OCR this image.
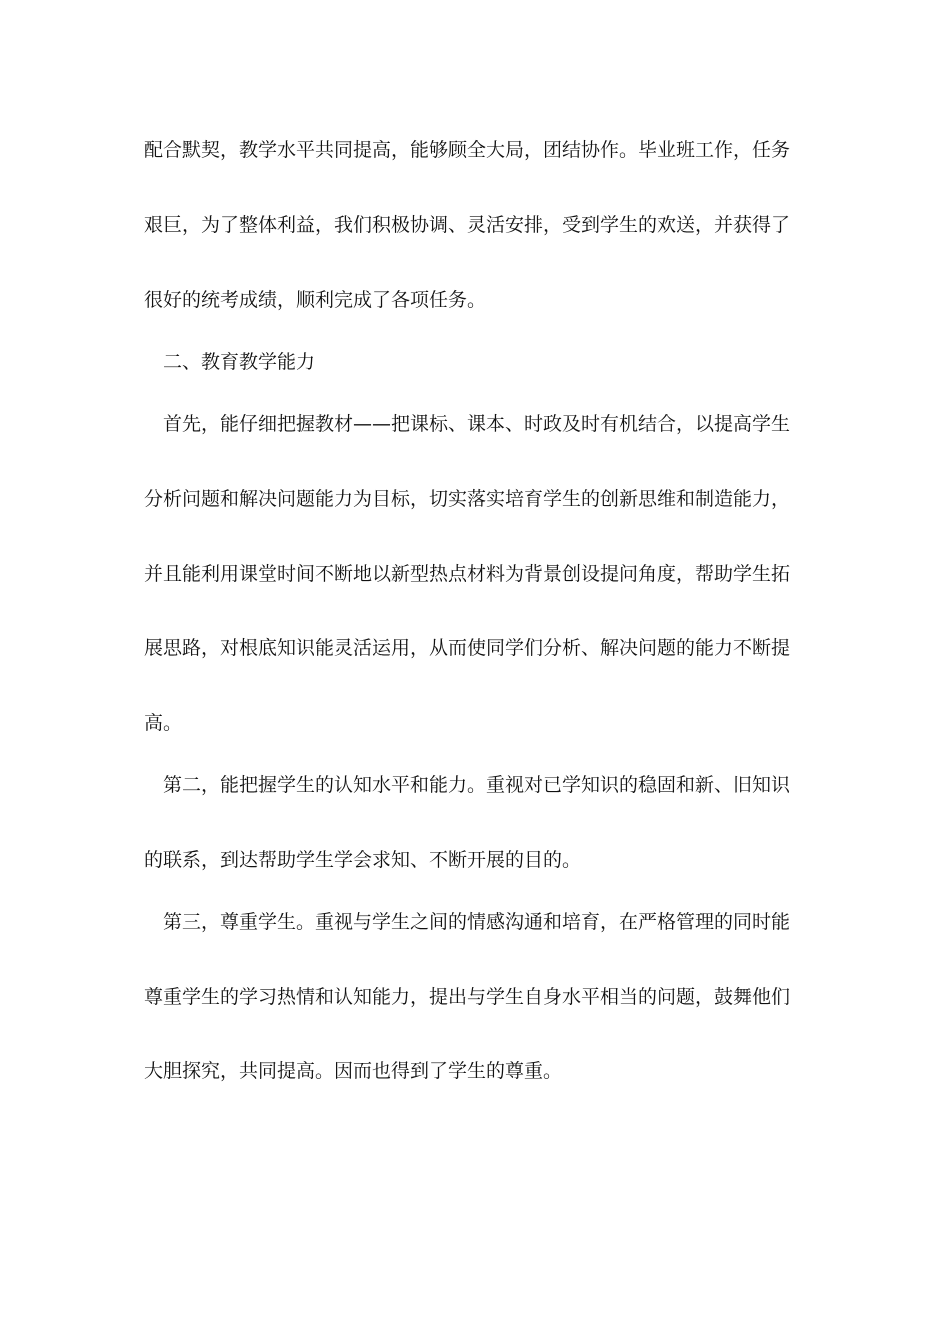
配合默契，教学水平共同提高，能够顾全大局，团结协作。毕业班工作，任务
艰巨，为了整体利益，我们积极协调、灵活安排，受到学生的欢送，并获得了
很好的统考成绩，顺利完成了各项任务。
二、教育教学能力
首先，能仔细把握教材——把课标、课本、时政及时有机结合，以提高学生
分析问题和解决问题能力为目标，切实落实培育学生的创新思维和制造能力，
并且能利用课堂时间不断地以新型热点材料为背景创设提问角度，帮助学生拓
展思路，对根底知识能灵活运用，从而使同学们分析、解决问题的能力不断提
高。
第二，能把握学生的认知水平和能力。重视对已学知识的稳固和新、旧知识
的联系，到达帮助学生学会求知、不断开展的目的。
第三，尊重学生。重视与学生之间的情感沟通和培育，在严格管理的同时能
尊重学生的学习热情和认知能力，提出与学生自身水平相当的问题，鼓舞他们
大胆探究，共同提高。因而也得到了学生的尊重。
